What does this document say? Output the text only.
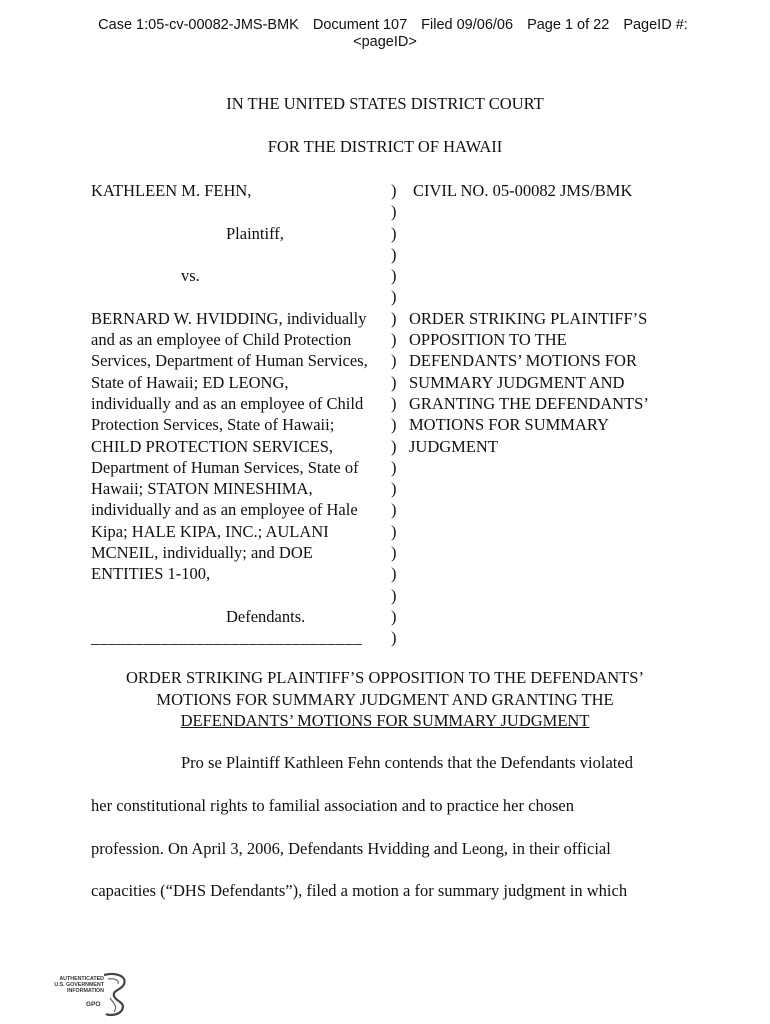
Case 1:05-cv-00082-JMS-BMK Document 107 Filed 09/06/06 Page 1 of 22 PageID #:
<pageID>
IN THE UNITED STATES DISTRICT COURT
FOR THE DISTRICT OF HAWAII
KATHLEEN M. FEHN,	) CIVIL NO. 05-00082 JMS/BMK
)
Plaintiff,	)
)
vs.	)
)
BERNARD W. HVIDDING, individually ) ORDER STRIKING PLAINTIFF’S
and as an employee of Child Protection ) OPPOSITION TO THE
Services, Department of Human Services, ) DEFENDANTS’ MOTIONS FOR
State of Hawaii; ED LEONG,	) SUMMARY JUDGMENT AND
individually and as an employee of Child ) GRANTING THE DEFENDANTS’
Protection Services, State of Hawaii;	) MOTIONS FOR SUMMARY
CHILD PROTECTION SERVICES,	) JUDGMENT
Department of Human Services, State of )
Hawaii; STATON MINESHIMA,	)
individually and as an employee of Hale )
Kipa; HALE KIPA, INC.; AULANI	)
MCNEIL, individually; and DOE	)
ENTITIES 1-100,	)
)
Defendants.	)
_______________________________ )
ORDER STRIKING PLAINTIFF’S OPPOSITION TO THE DEFENDANTS’
MOTIONS FOR SUMMARY JUDGMENT AND GRANTING THE
DEFENDANTS’ MOTIONS FOR SUMMARY JUDGMENT
Pro se Plaintiff Kathleen Fehn contends that the Defendants violated
her constitutional rights to familial association and to practice her chosen
profession. On April 3, 2006, Defendants Hvidding and Leong, in their official
capacities (“DHS Defendants”), filed a motion a for summary judgment in which
AUTHENTICATED
U.S. GOVERNMENT
INFORMATION
GPO
